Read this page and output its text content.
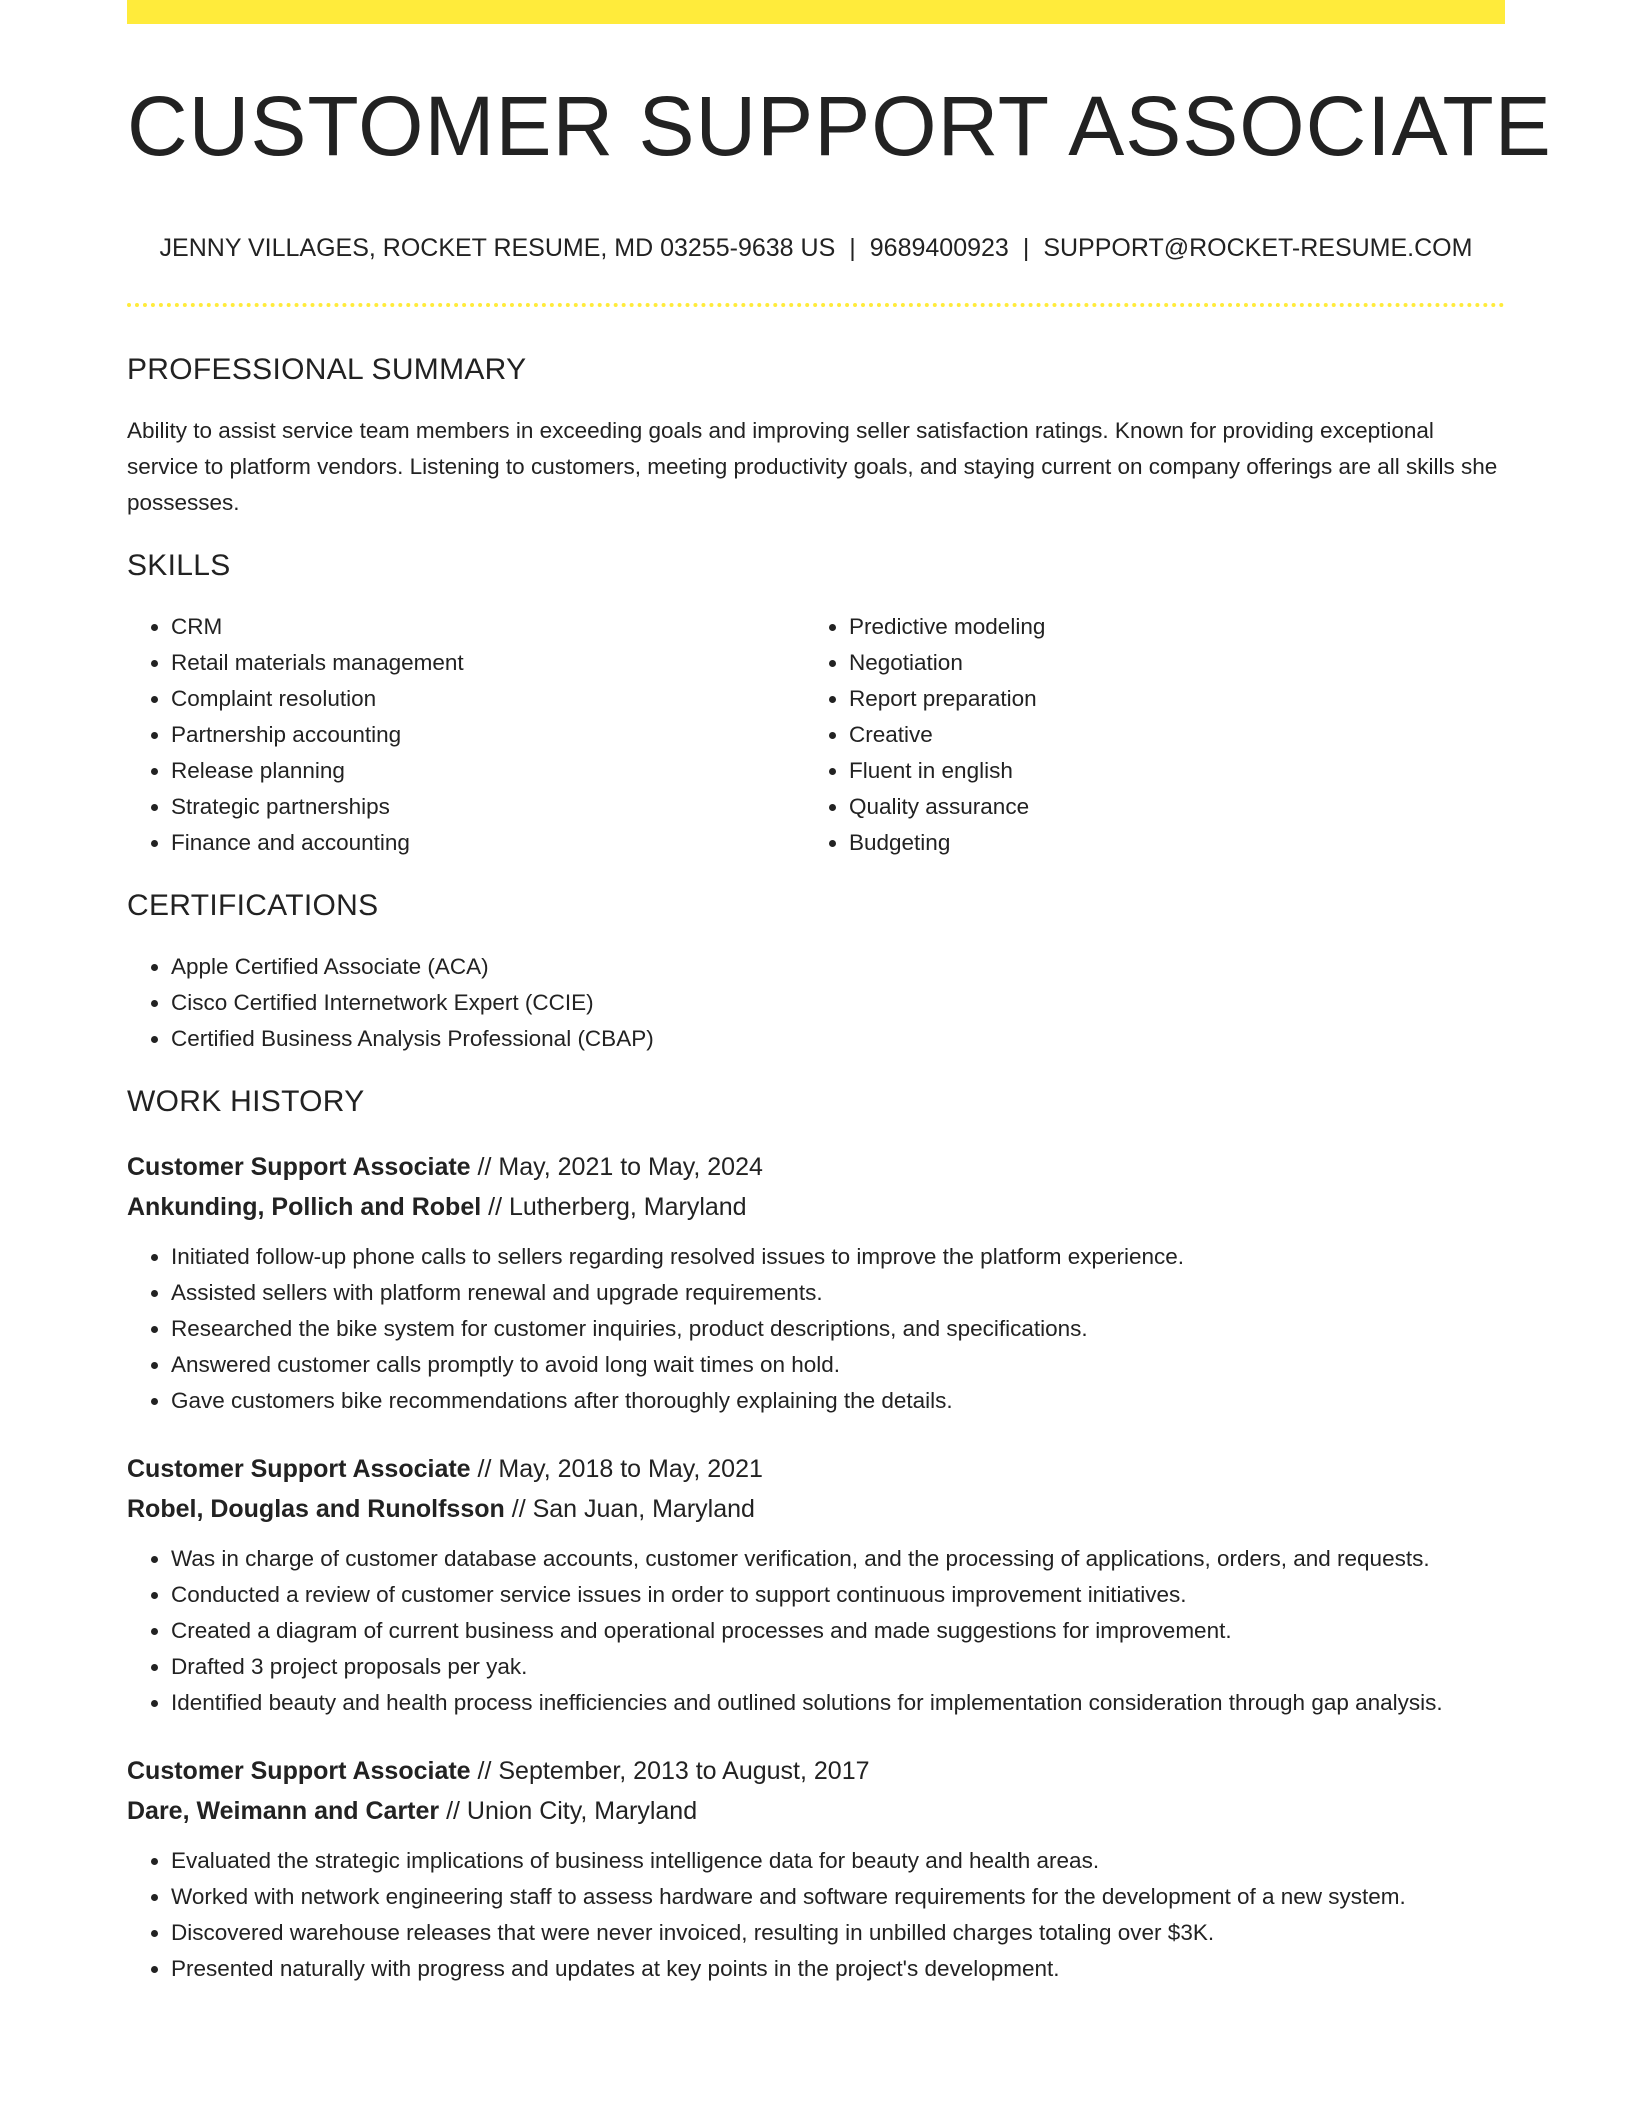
CUSTOMER SUPPORT ASSOCIATE
JENNY VILLAGES, ROCKET RESUME, MD 03255-9638 US | 9689400923 | SUPPORT@ROCKET-RESUME.COM
PROFESSIONAL SUMMARY

Ability to assist service team members in exceeding goals and improving seller satisfaction ratings. Known for providing exceptional service to platform vendors. Listening to customers, meeting productivity goals, and staying current on company offerings are all skills she possesses.

SKILLS
• CRM
• Retail materials management
• Complaint resolution
• Partnership accounting
• Release planning
• Strategic partnerships
• Finance and accounting
• Predictive modeling
• Negotiation
• Report preparation
• Creative
• Fluent in english
• Quality assurance
• Budgeting
CERTIFICATIONS
• Apple Certified Associate (ACA)
• Cisco Certified Internetwork Expert (CCIE)
• Certified Business Analysis Professional (CBAP)
WORK HISTORY
Customer Support Associate // May, 2021 to May, 2024
Ankunding, Pollich and Robel // Lutherberg, Maryland
• Initiated follow-up phone calls to sellers regarding resolved issues to improve the platform experience.
• Assisted sellers with platform renewal and upgrade requirements.
• Researched the bike system for customer inquiries, product descriptions, and specifications.
• Answered customer calls promptly to avoid long wait times on hold.
• Gave customers bike recommendations after thoroughly explaining the details.
Customer Support Associate // May, 2018 to May, 2021
Robel, Douglas and Runolfsson // San Juan, Maryland
• Was in charge of customer database accounts, customer verification, and the processing of applications, orders, and requests.
• Conducted a review of customer service issues in order to support continuous improvement initiatives.
• Created a diagram of current business and operational processes and made suggestions for improvement.
• Drafted 3 project proposals per yak.
• Identified beauty and health process inefficiencies and outlined solutions for implementation consideration through gap analysis.
Customer Support Associate // September, 2013 to August, 2017
Dare, Weimann and Carter // Union City, Maryland
• Evaluated the strategic implications of business intelligence data for beauty and health areas.
• Worked with network engineering staff to assess hardware and software requirements for the development of a new system.
• Discovered warehouse releases that were never invoiced, resulting in unbilled charges totaling over $3K.
• Presented naturally with progress and updates at key points in the project's development.
